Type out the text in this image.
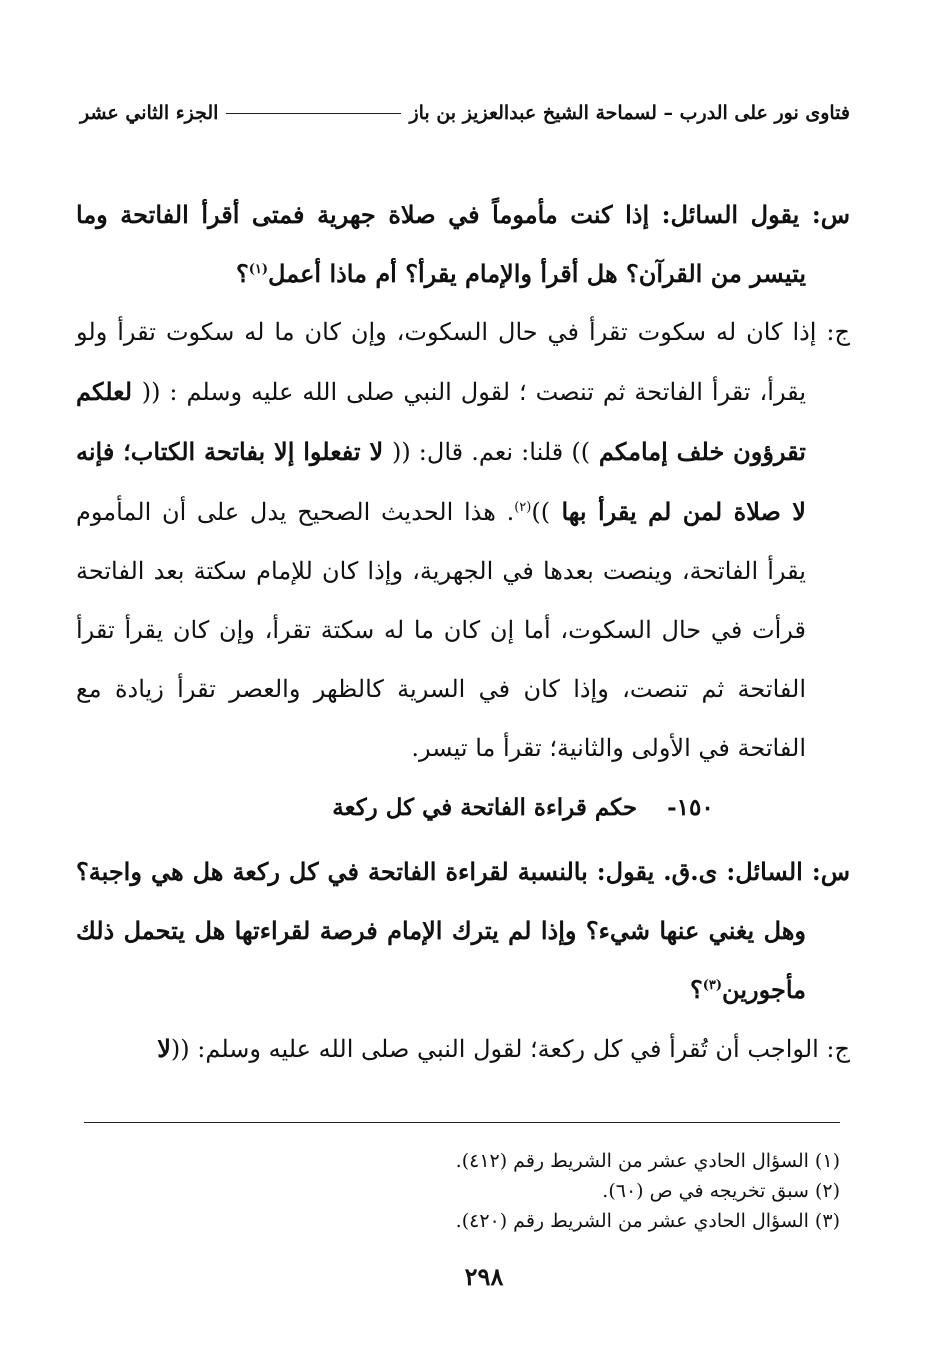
فتاوى نور على الدرب – لسماحة الشيخ عبدالعزيز بن باز
الجزء الثاني عشر

س: يقول السائل: إذا كنت مأموماً في صلاة جهرية فمتى أقرأ الفاتحة وما يتيسر من القرآن؟ هل أقرأ والإمام يقرأ؟ أم ماذا أعمل$^{(١)}$؟

ج: إذا كان له سكوت تقرأ في حال السكوت، وإن كان ما له سكوت تقرأ ولو يقرأ، تقرأ الفاتحة ثم تنصت ؛ لقول النبي صلى الله عليه وسلم : (( لعلكم تقرؤون خلف إمامكم )) قلنا: نعم. قال: (( لا تفعلوا إلا بفاتحة الكتاب؛ فإنه لا صلاة لمن لم يقرأ بها ))$^{(٢)}$. هذا الحديث الصحيح يدل على أن المأموم يقرأ الفاتحة، وينصت بعدها في الجهرية، وإذا كان للإمام سكتة بعد الفاتحة قرأت في حال السكوت، أما إن كان ما له سكتة تقرأ، وإن كان يقرأ تقرأ الفاتحة ثم تنصت، وإذا كان في السرية كالظهر والعصر تقرأ زيادة مع الفاتحة في الأولى والثانية؛ تقرأ ما تيسر.

١٥٠- حكم قراءة الفاتحة في كل ركعة

س: السائل: ى.ق. يقول: بالنسبة لقراءة الفاتحة في كل ركعة هل هي واجبة؟ وهل يغني عنها شيء؟ وإذا لم يترك الإمام فرصة لقراءتها هل يتحمل ذلك مأجورين$^{(٣)}$؟

ج: الواجب أن تُقرأ في كل ركعة؛ لقول النبي صلى الله عليه وسلم: ((لا

(١) السؤال الحادي عشر من الشريط رقم (٤١٢).

(٢) سبق تخريجه في ص (٦٠).

(٣) السؤال الحادي عشر من الشريط رقم (٤٢٠).

٢٩٨
